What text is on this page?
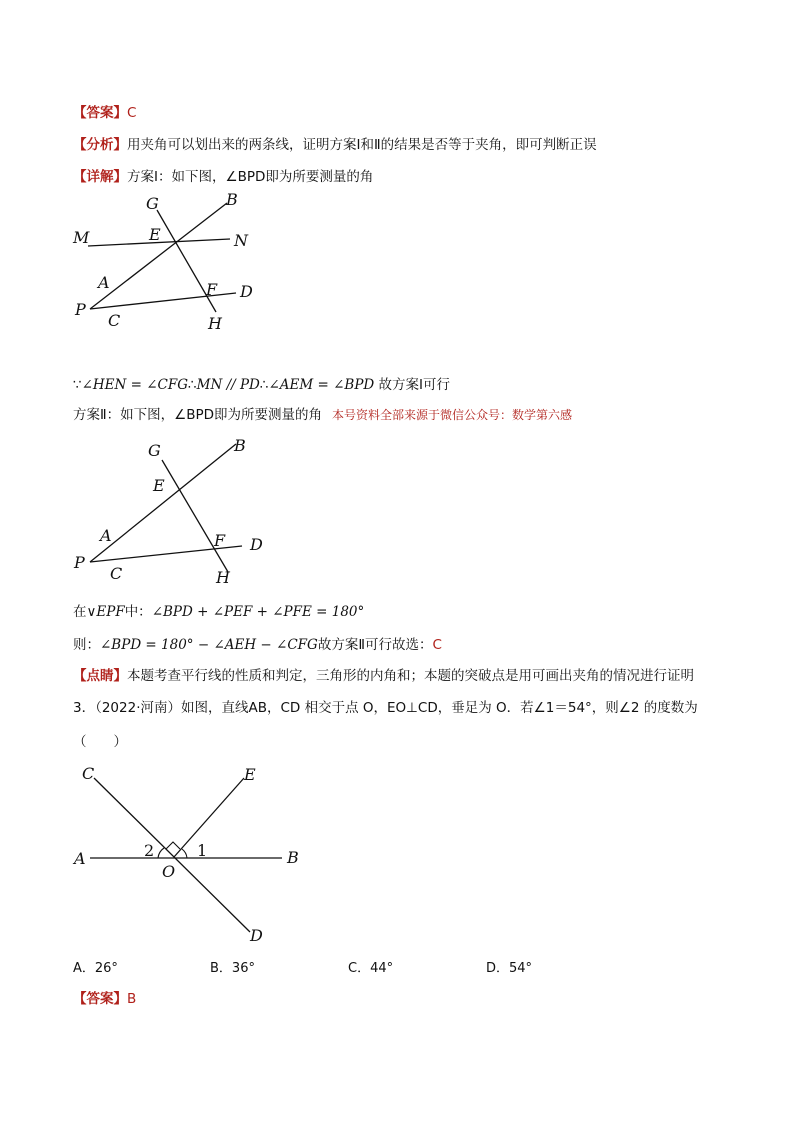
【答案】C
【分析】用夹角可以划出来的两条线，证明方案Ⅰ和Ⅱ的结果是否等于夹角，即可判断正误
【详解】方案Ⅰ：如下图，∠BPD即为所要测量的角
G	B
M	E	N
A	F D
P
C	H
∵∠HEN = ∠CFG∴MN // PD∴∠AEM = ∠BPD 故方案Ⅰ可行
方案Ⅱ：如下图，∠BPD即为所要测量的角 本号资料全部来源于微信公众号：数学第六感
G	B
E
A	F D
P
C	H
在∨EPF中：∠BPD + ∠PEF + ∠PFE = 180°
则：∠BPD = 180° − ∠AEH − ∠CFG故方案Ⅱ可行故选：C
【点睛】本题考查平行线的性质和判定，三角形的内角和；本题的突破点是用可画出夹角的情况进行证明
3．（2022·河南）如图，直线AB，CD 相交于点 O，EO⊥CD，垂足为 O．若∠1＝54°，则∠2 的度数为
（　　）
C	E
A	2	1	B
O
D
A．26°	B．36°	C．44°	D．54°
【答案】B
